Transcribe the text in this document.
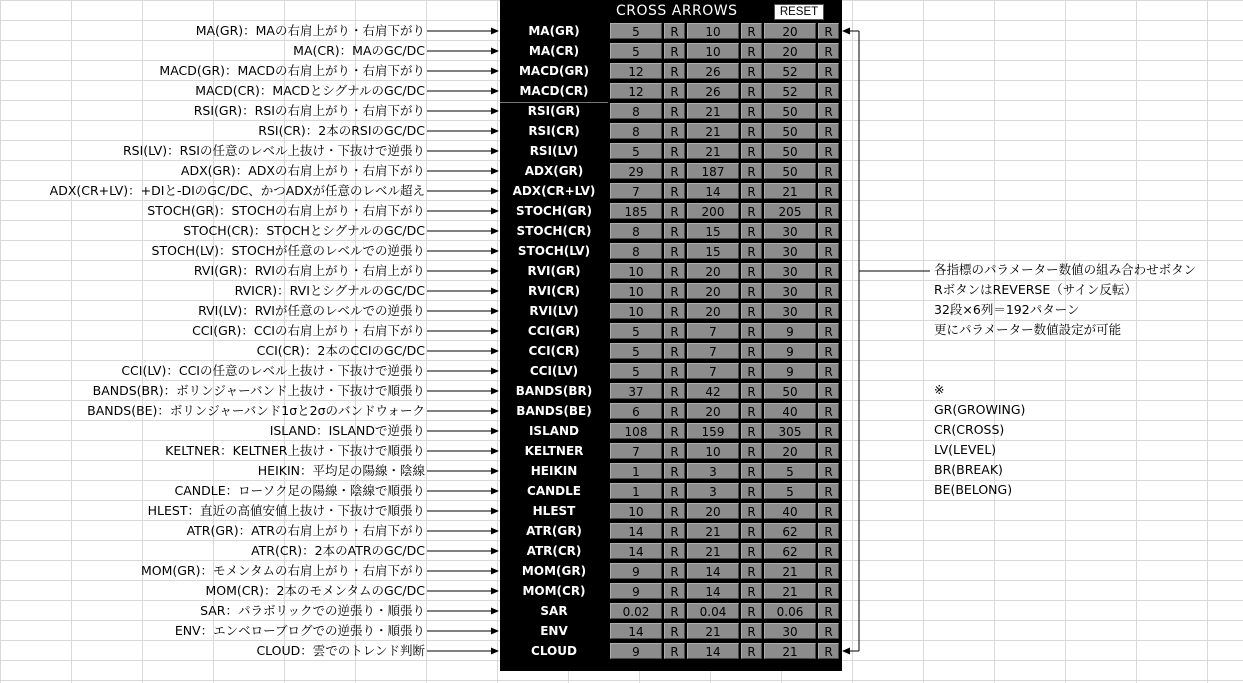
MA(GR)：MAの右肩上がり・右肩下がり
MA(CR)：MAのGC/DC
MACD(GR)：MACDの右肩上がり・右肩下がり
MACD(CR)：MACDとシグナルのGC/DC
RSI(GR)：RSIの右肩上がり・右肩下がり
RSI(CR)：2本のRSIのGC/DC
RSI(LV)：RSIの任意のレベル上抜け・下抜けで逆張り
ADX(GR)：ADXの右肩上がり・右肩下がり
ADX(CR+LV)：+DIと-DIのGC/DC、かつADXが任意のレベル超え
STOCH(GR)：STOCHの右肩上がり・右肩下がり
STOCH(CR)：STOCHとシグナルのGC/DC
STOCH(LV)：STOCHが任意のレベルでの逆張り
RVI(GR)：RVIの右肩上がり・右肩上がり
RVICR)：RVIとシグナルのGC/DC
RVI(LV)：RVIが任意のレベルでの逆張り
CCI(GR)：CCIの右肩上がり・右肩下がり
CCI(CR)：2本のCCIのGC/DC
CCI(LV)：CCIの任意のレベル上抜け・下抜けで逆張り
BANDS(BR)：ボリンジャーバンド上抜け・下抜けで順張り
BANDS(BE)：ボリンジャーバンド1σと2σのバンドウォーク
ISLAND：ISLANDで逆張り
KELTNER：KELTNER上抜け・下抜けで順張り
HEIKIN：平均足の陽線・陰線
CANDLE：ローソク足の陽線・陰線で順張り
HLEST：直近の高値安値上抜け・下抜けで順張り
ATR(GR)：ATRの右肩上がり・右肩下がり
ATR(CR)：2本のATRのGC/DC
MOM(GR)：モメンタムの右肩上がり・右肩下がり
MOM(CR)：2本のモメンタムのGC/DC
SAR：パラボリックでの逆張り・順張り
ENV：エンベローブログでの逆張り・順張り
CLOUD：雲でのトレンド判断
CROSS ARROWS	RESET
MA(GR)	5	R	10	R	20	R
MA(CR)	5	R	10	R	20	R
MACD(GR)	12	R	26	R	52	R
MACD(CR)	12	R	26	R	52	R
RSI(GR)	8	R	21	R	50	R
RSI(CR)	8	R	21	R	50	R
RSI(LV)	5	R	21	R	50	R
ADX(GR)	29	R	187	R	50	R
ADX(CR+LV)	7	R	14	R	21	R
STOCH(GR)	185	R	200	R	205	R
STOCH(CR)	8	R	15	R	30	R
STOCH(LV)	8	R	15	R	30	R
RVI(GR)	10	R	20	R	30	R
RVI(CR)	10	R	20	R	30	R
RVI(LV)	10	R	20	R	30	R
CCI(GR)	5	R	7	R	9	R
CCI(CR)	5	R	7	R	9	R
CCI(LV)	5	R	7	R	9	R
BANDS(BR)	37	R	42	R	50	R
BANDS(BE)	6	R	20	R	40	R
ISLAND	108	R	159	R	305	R
KELTNER	7	R	10	R	20	R
HEIKIN	1	R	3	R	5	R
CANDLE	1	R	3	R	5	R
HLEST	10	R	20	R	40	R
ATR(GR)	14	R	21	R	62	R
ATR(CR)	14	R	21	R	62	R
MOM(GR)	9	R	14	R	21	R
MOM(CR)	9	R	14	R	21	R
SAR	0.02	R	0.04	R	0.06	R
ENV	14	R	21	R	30	R
CLOUD	9	R	14	R	21	R
各指標のパラメーター数値の組み合わせボタン
RボタンはREVERSE（サイン反転）
32段×6列＝192パターン
更にパラメーター数値設定が可能
※
GR(GROWING)
CR(CROSS)
LV(LEVEL)
BR(BREAK)
BE(BELONG)
